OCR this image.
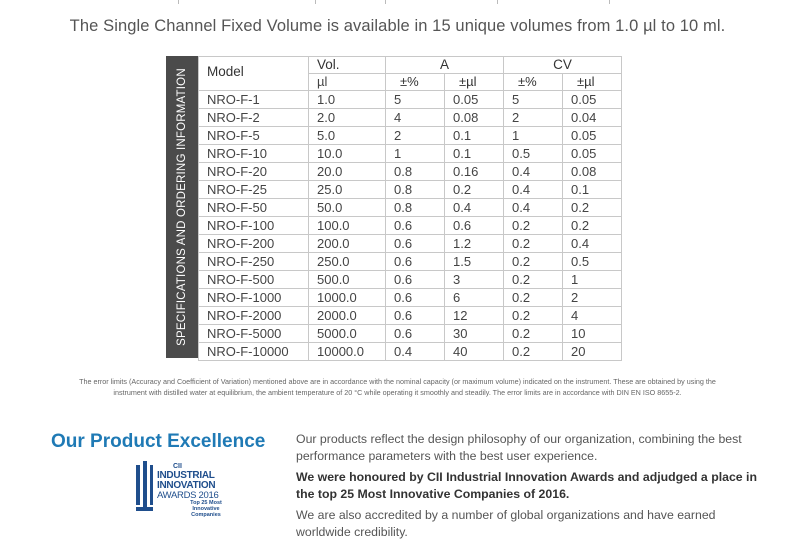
The Single Channel Fixed Volume is available in 15 unique volumes from 1.0 µl to 10 ml.
SPECIFICATIONS AND ORDERING INFORMATION Model	Vol.	A		CV	
	µl	±%	±µl	±%	±µl
NRO-F-1	1.0	5	0.05	5	0.05
NRO-F-2	2.0	4	0.08	2	0.04
NRO-F-5	5.0	2	0.1	1	0.05
NRO-F-10	10.0	1	0.1	0.5	0.05
NRO-F-20	20.0	0.8	0.16	0.4	0.08
NRO-F-25	25.0	0.8	0.2	0.4	0.1
NRO-F-50	50.0	0.8	0.4	0.4	0.2
NRO-F-100	100.0	0.6	0.6	0.2	0.2
NRO-F-200	200.0	0.6	1.2	0.2	0.4
NRO-F-250	250.0	0.6	1.5	0.2	0.5
NRO-F-500	500.0	0.6	3	0.2	1
NRO-F-1000	1000.0	0.6	6	0.2	2
NRO-F-2000	2000.0	0.6	12	0.2	4
NRO-F-5000	5000.0	0.6	30	0.2	10
NRO-F-10000	10000.0	0.4	40	0.2	20
The error limits (Accuracy and Coefficient of Variation) mentioned above are in accordance with the nominal capacity (or maximum volume) indicated on the instrument. These are obtained by using the
instrument with distilled water at equilibrium, the ambient temperature of 20 °C while operating it smoothly and steadily. The error limits are in accordance with DIN EN ISO 8655-2.
Our Product Excellence
CII
INDUSTRIAL
INNOVATION
AWARDS 2016
Top 25 Most
Innovative
Companies

Our products reflect the design philosophy of our organization, combining the best performance parameters with the best user experience.

We were honoured by CII Industrial Innovation Awards and adjudged a place in the top 25 Most Innovative Companies of 2016.

We are also accredited by a number of global organizations and have earned worldwide credibility.
